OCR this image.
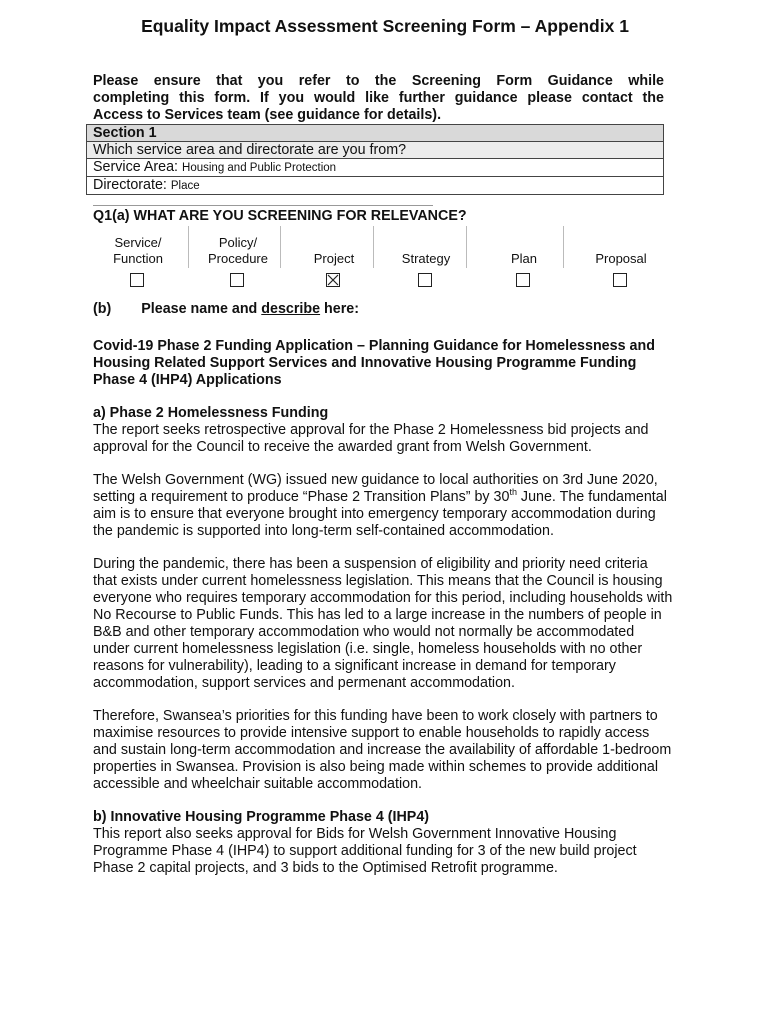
Equality Impact Assessment Screening Form – Appendix 1
Please ensure that you refer to the Screening Form Guidance while
completing this form. If you would like further guidance please contact the
Access to Services team (see guidance for details).
Section 1
Which service area and directorate are you from?
Service Area: Housing and Public Protection
Directorate: Place
Q1(a) WHAT ARE YOU SCREENING FOR RELEVANCE?
Service/
Function
Policy/
Procedure	Project	Strategy	Plan	Proposal
(b) Please name and describe here:

Covid-19 Phase 2 Funding Application – Planning Guidance for Homelessness and Housing Related Support Services and Innovative Housing Programme Funding Phase 4 (IHP4) Applications

a) Phase 2 Homelessness Funding

The report seeks retrospective approval for the Phase 2 Homelessness bid projects and approval for the Council to receive the awarded grant from Welsh Government.

The Welsh Government (WG) issued new guidance to local authorities on 3rd June 2020, setting a requirement to produce “Phase 2 Transition Plans” by 30th June. The fundamental aim is to ensure that everyone brought into emergency temporary accommodation during the pandemic is supported into long-term self-contained accommodation.

During the pandemic, there has been a suspension of eligibility and priority need criteria that exists under current homelessness legislation. This means that the Council is housing everyone who requires temporary accommodation for this period, including households with No Recourse to Public Funds. This has led to a large increase in the numbers of people in B&B and other temporary accommodation who would not normally be accommodated under current homelessness legislation (i.e. single, homeless households with no other reasons for vulnerability), leading to a significant increase in demand for temporary accommodation, support services and permenant accommodation.

Therefore, Swansea’s priorities for this funding have been to work closely with partners to maximise resources to provide intensive support to enable households to rapidly access and sustain long-term accommodation and increase the availability of affordable 1-bedroom properties in Swansea. Provision is also being made within schemes to provide additional accessible and wheelchair suitable accommodation.

b) Innovative Housing Programme Phase 4 (IHP4)

This report also seeks approval for Bids for Welsh Government Innovative Housing Programme Phase 4 (IHP4) to support additional funding for 3 of the new build project Phase 2 capital projects, and 3 bids to the Optimised Retrofit programme.
